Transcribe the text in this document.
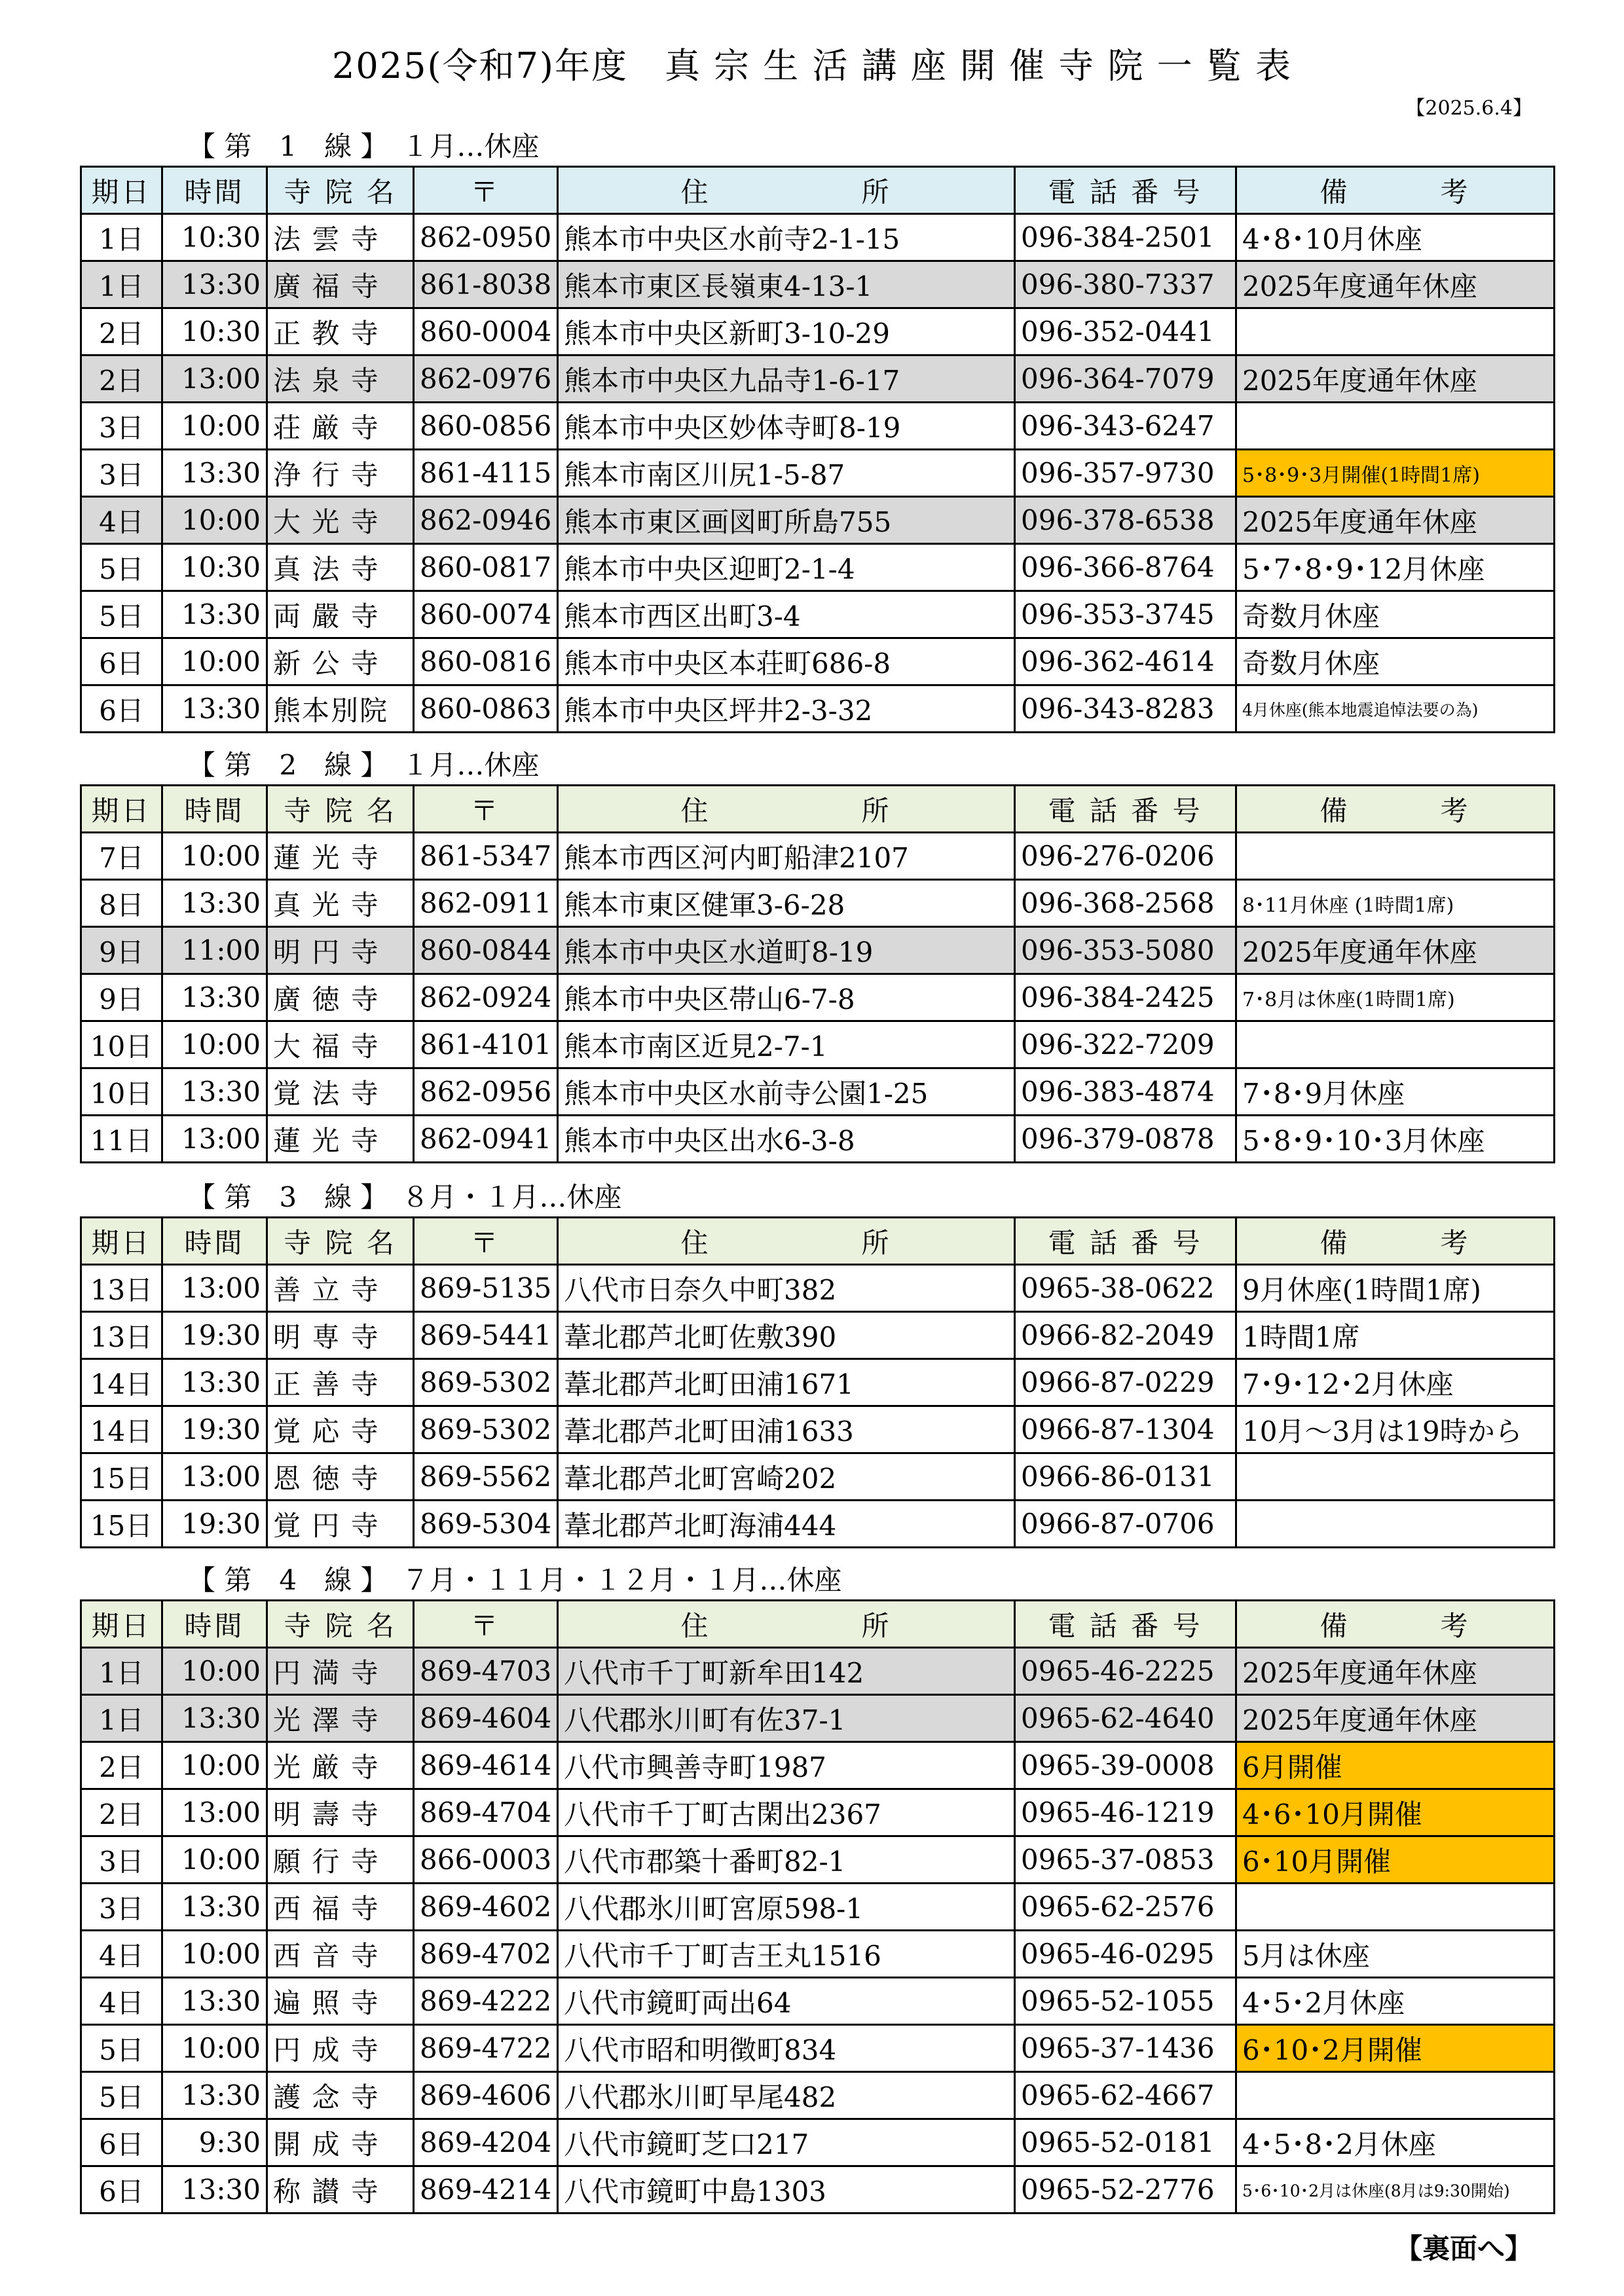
2025(令和7)年度　真 宗 生 活 講 座 開 催 寺 院 一 覧 表
【2025.6.4】
【 第　1　線 】　１月…休座
期日	時間	寺 院 名	〒	住　　　　　所	電 話 番 号	備　　　考
1日	10:30	法 雲 寺	862-0950	熊本市中央区水前寺2-1-15	096-384-2501	4･8･10月休座
1日	13:30	廣 福 寺	861-8038	熊本市東区長嶺東4-13-1	096-380-7337	2025年度通年休座
2日	10:30	正 教 寺	860-0004	熊本市中央区新町3-10-29	096-352-0441	
2日	13:00	法 泉 寺	862-0976	熊本市中央区九品寺1-6-17	096-364-7079	2025年度通年休座
3日	10:00	荘 厳 寺	860-0856	熊本市中央区妙体寺町8-19	096-343-6247	
3日	13:30	浄 行 寺	861-4115	熊本市南区川尻1-5-87	096-357-9730	5･8･9･3月開催(1時間1席)
4日	10:00	大 光 寺	862-0946	熊本市東区画図町所島755	096-378-6538	2025年度通年休座
5日	10:30	真 法 寺	860-0817	熊本市中央区迎町2-1-4	096-366-8764	5･7･8･9･12月休座
5日	13:30	両 嚴 寺	860-0074	熊本市西区出町3-4	096-353-3745	奇数月休座
6日	10:00	新 公 寺	860-0816	熊本市中央区本荘町686-8	096-362-4614	奇数月休座
6日	13:30	熊本別院	860-0863	熊本市中央区坪井2-3-32	096-343-8283	4月休座(熊本地震追悼法要の為)
【 第　2　線 】　１月…休座
期日	時間	寺 院 名	〒	住　　　　　所	電 話 番 号	備　　　考
7日	10:00	蓮 光 寺	861-5347	熊本市西区河内町船津2107	096-276-0206	
8日	13:30	真 光 寺	862-0911	熊本市東区健軍3-6-28	096-368-2568	8･11月休座 (1時間1席)
9日	11:00	明 円 寺	860-0844	熊本市中央区水道町8-19	096-353-5080	2025年度通年休座
9日	13:30	廣 徳 寺	862-0924	熊本市中央区帯山6-7-8	096-384-2425	7･8月は休座(1時間1席)
10日	10:00	大 福 寺	861-4101	熊本市南区近見2-7-1	096-322-7209	
10日	13:30	覚 法 寺	862-0956	熊本市中央区水前寺公園1-25	096-383-4874	7･8･9月休座
11日	13:00	蓮 光 寺	862-0941	熊本市中央区出水6-3-8	096-379-0878	5･8･9･10･3月休座
【 第　3　線 】　８月・１月…休座
期日	時間	寺 院 名	〒	住　　　　　所	電 話 番 号	備　　　考
13日	13:00	善 立 寺	869-5135	八代市日奈久中町382	0965-38-0622	9月休座(1時間1席)
13日	19:30	明 専 寺	869-5441	葦北郡芦北町佐敷390	0966-82-2049	1時間1席
14日	13:30	正 善 寺	869-5302	葦北郡芦北町田浦1671	0966-87-0229	7･9･12･2月休座
14日	19:30	覚 応 寺	869-5302	葦北郡芦北町田浦1633	0966-87-1304	10月～3月は19時から
15日	13:00	恩 徳 寺	869-5562	葦北郡芦北町宮崎202	0966-86-0131	
15日	19:30	覚 円 寺	869-5304	葦北郡芦北町海浦444	0966-87-0706	
【 第　4　線 】　７月・１１月・１２月・１月…休座
期日	時間	寺 院 名	〒	住　　　　　所	電 話 番 号	備　　　考
1日	10:00	円 満 寺	869-4703	八代市千丁町新牟田142	0965-46-2225	2025年度通年休座
1日	13:30	光 澤 寺	869-4604	八代郡氷川町有佐37-1	0965-62-4640	2025年度通年休座
2日	10:00	光 厳 寺	869-4614	八代市興善寺町1987	0965-39-0008	6月開催
2日	13:00	明 壽 寺	869-4704	八代市千丁町古閑出2367	0965-46-1219	4･6･10月開催
3日	10:00	願 行 寺	866-0003	八代市郡築十番町82-1	0965-37-0853	6･10月開催
3日	13:30	西 福 寺	869-4602	八代郡氷川町宮原598-1	0965-62-2576	
4日	10:00	西 音 寺	869-4702	八代市千丁町吉王丸1516	0965-46-0295	5月は休座
4日	13:30	遍 照 寺	869-4222	八代市鏡町両出64	0965-52-1055	4･5･2月休座
5日	10:00	円 成 寺	869-4722	八代市昭和明徴町834	0965-37-1436	6･10･2月開催
5日	13:30	護 念 寺	869-4606	八代郡氷川町早尾482	0965-62-4667	
6日	9:30	開 成 寺	869-4204	八代市鏡町芝口217	0965-52-0181	4･5･8･2月休座
6日	13:30	称 讃 寺	869-4214	八代市鏡町中島1303	0965-52-2776	5･6･10･2月は休座(8月は9:30開始)
【裏面へ】
